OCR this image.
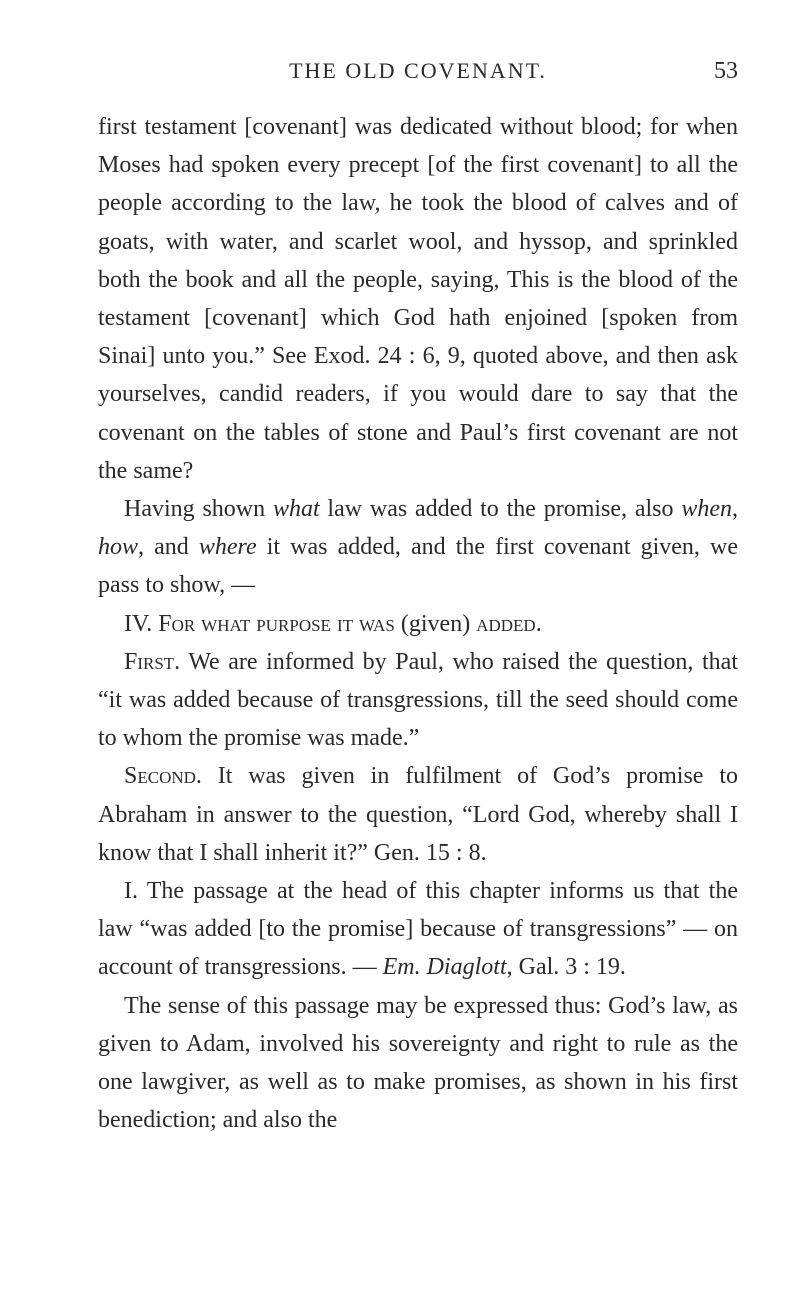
THE OLD COVENANT.	53

first testament [covenant] was dedicated without blood; for when Moses had spoken every precept [of the first covenant] to all the people according to the law, he took the blood of calves and of goats, with water, and scarlet wool, and hyssop, and sprinkled both the book and all the people, saying, This is the blood of the testament [covenant] which God hath enjoined [spoken from Sinai] unto you.” See Exod. 24 : 6, 9, quoted above, and then ask yourselves, candid readers, if you would dare to say that the covenant on the tables of stone and Paul’s first covenant are not the same?

Having shown what law was added to the promise, also when, how, and where it was added, and the first covenant given, we pass to show, —

IV. For what purpose it was (given) added.

First. We are informed by Paul, who raised the question, that “it was added because of transgressions, till the seed should come to whom the promise was made.”

Second. It was given in fulfilment of God’s promise to Abraham in answer to the question, “Lord God, whereby shall I know that I shall inherit it?” Gen. 15 : 8.

I. The passage at the head of this chapter informs us that the law “was added [to the promise] because of transgressions” — on account of transgressions. — Em. Diaglott, Gal. 3 : 19.

The sense of this passage may be expressed thus: God’s law, as given to Adam, involved his sovereignty and right to rule as the one lawgiver, as well as to make promises, as shown in his first benediction; and also the
